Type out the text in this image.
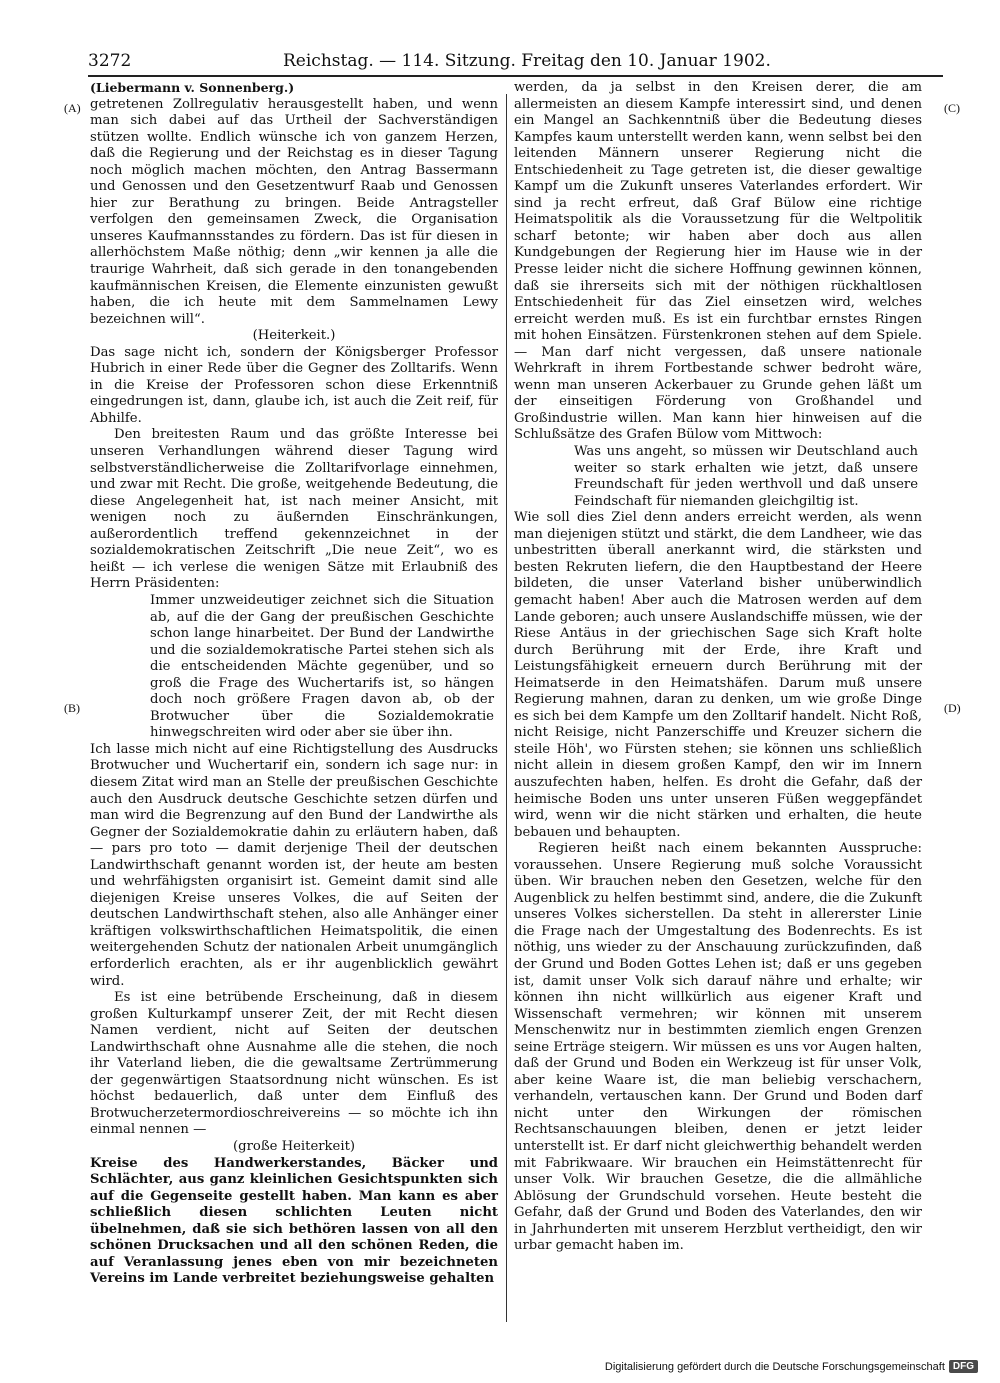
3272	Reichstag. — 114. Sitzung. Freitag den 10. Januar 1902.
(A)
(B)
(C)
(D)

(Liebermann v. Sonnenberg.)

getretenen Zollregulativ herausgestellt haben, und wenn man sich dabei auf das Urtheil der Sachverständigen stützen wollte. Endlich wünsche ich von ganzem Herzen, daß die Regierung und der Reichstag es in dieser Tagung noch möglich machen möchten, den Antrag Bassermann und Genossen und den Gesetzentwurf Raab und Genossen hier zur Berathung zu bringen. Beide Antragsteller verfolgen den gemeinsamen Zweck, die Organisation unseres Kaufmannsstandes zu fördern. Das ist für diesen in allerhöchstem Maße nöthig; denn „wir kennen ja alle die traurige Wahrheit, daß sich gerade in den tonangebenden kaufmännischen Kreisen, die Elemente einzunisten gewußt haben, die ich heute mit dem Sammelnamen Lewy bezeichnen will“.

(Heiterkeit.)

Das sage nicht ich, sondern der Königsberger Professor Hubrich in einer Rede über die Gegner des Zolltarifs. Wenn in die Kreise der Professoren schon diese Erkenntniß eingedrungen ist, dann, glaube ich, ist auch die Zeit reif, für Abhilfe.

Den breitesten Raum und das größte Interesse bei unseren Verhandlungen während dieser Tagung wird selbstverständlicherweise die Zolltarifvorlage einnehmen, und zwar mit Recht. Die große, weitgehende Bedeutung, die diese Angelegenheit hat, ist nach meiner Ansicht, mit wenigen noch zu äußernden Einschränkungen, außerordentlich treffend gekennzeichnet in der sozialdemokratischen Zeitschrift „Die neue Zeit“, wo es heißt — ich verlese die wenigen Sätze mit Erlaubniß des Herrn Präsidenten:

Immer unzweideutiger zeichnet sich die Situation ab, auf die der Gang der preußischen Geschichte schon lange hinarbeitet. Der Bund der Landwirthe und die sozialdemokratische Partei stehen sich als die entscheidenden Mächte gegenüber, und so groß die Frage des Wuchertarifs ist, so hängen doch noch größere Fragen davon ab, ob der Brotwucher über die Sozialdemokratie hinwegschreiten wird oder aber sie über ihn.

Ich lasse mich nicht auf eine Richtigstellung des Ausdrucks Brotwucher und Wuchertarif ein, sondern ich sage nur: in diesem Zitat wird man an Stelle der preußischen Geschichte auch den Ausdruck deutsche Geschichte setzen dürfen und man wird die Begrenzung auf den Bund der Landwirthe als Gegner der Sozialdemokratie dahin zu erläutern haben, daß — pars pro toto — damit derjenige Theil der deutschen Landwirthschaft genannt worden ist, der heute am besten und wehrfähigsten organisirt ist. Gemeint damit sind alle diejenigen Kreise unseres Volkes, die auf Seiten der deutschen Landwirthschaft stehen, also alle Anhänger einer kräftigen volkswirthschaftlichen Heimatspolitik, die einen weitergehenden Schutz der nationalen Arbeit unumgänglich erforderlich erachten, als er ihr augenblicklich gewährt wird.

Es ist eine betrübende Erscheinung, daß in diesem großen Kulturkampf unserer Zeit, der mit Recht diesen Namen verdient, nicht auf Seiten der deutschen Landwirthschaft ohne Ausnahme alle die stehen, die noch ihr Vaterland lieben, die die gewaltsame Zertrümmerung der gegenwärtigen Staatsordnung nicht wünschen. Es ist höchst bedauerlich, daß unter dem Einfluß des Brotwucherzetermordioschreivereins — so möchte ich ihn einmal nennen —

(große Heiterkeit)

Kreise des Handwerkerstandes, Bäcker und Schlächter, aus ganz kleinlichen Gesichtspunkten sich auf die Gegenseite gestellt haben. Man kann es aber schließlich diesen schlichten Leuten nicht übelnehmen, daß sie sich bethören lassen von all den schönen Drucksachen und all den schönen Reden, die auf Veranlassung jenes eben von mir bezeichneten Vereins im Lande verbreitet beziehungsweise gehalten

werden, da ja selbst in den Kreisen derer, die am allermeisten an diesem Kampfe interessirt sind, und denen ein Mangel an Sachkenntniß über die Bedeutung dieses Kampfes kaum unterstellt werden kann, wenn selbst bei den leitenden Männern unserer Regierung nicht die Entschiedenheit zu Tage getreten ist, die dieser gewaltige Kampf um die Zukunft unseres Vaterlandes erfordert. Wir sind ja recht erfreut, daß Graf Bülow eine richtige Heimatspolitik als die Voraussetzung für die Weltpolitik scharf betonte; wir haben aber doch aus allen Kundgebungen der Regierung hier im Hause wie in der Presse leider nicht die sichere Hoffnung gewinnen können, daß sie ihrerseits sich mit der nöthigen rückhaltlosen Entschiedenheit für das Ziel einsetzen wird, welches erreicht werden muß. Es ist ein furchtbar ernstes Ringen mit hohen Einsätzen. Fürstenkronen stehen auf dem Spiele. — Man darf nicht vergessen, daß unsere nationale Wehrkraft in ihrem Fortbestande schwer bedroht wäre, wenn man unseren Ackerbauer zu Grunde gehen läßt um der einseitigen Förderung von Großhandel und Großindustrie willen. Man kann hier hinweisen auf die Schlußsätze des Grafen Bülow vom Mittwoch:

Was uns angeht, so müssen wir Deutschland auch weiter so stark erhalten wie jetzt, daß unsere Freundschaft für jeden werthvoll und daß unsere Feindschaft für niemanden gleichgiltig ist.

Wie soll dies Ziel denn anders erreicht werden, als wenn man diejenigen stützt und stärkt, die dem Landheer, wie das unbestritten überall anerkannt wird, die stärksten und besten Rekruten liefern, die den Hauptbestand der Heere bildeten, die unser Vaterland bisher unüberwindlich gemacht haben! Aber auch die Matrosen werden auf dem Lande geboren; auch unsere Auslandschiffe müssen, wie der Riese Antäus in der griechischen Sage sich Kraft holte durch Berührung mit der Erde, ihre Kraft und Leistungsfähigkeit erneuern durch Berührung mit der Heimatserde in den Heimatshäfen. Darum muß unsere Regierung mahnen, daran zu denken, um wie große Dinge es sich bei dem Kampfe um den Zolltarif handelt. Nicht Roß, nicht Reisige, nicht Panzerschiffe und Kreuzer sichern die steile Höh', wo Fürsten stehen; sie können uns schließlich nicht allein in diesem großen Kampf, den wir im Innern auszufechten haben, helfen. Es droht die Gefahr, daß der heimische Boden uns unter unseren Füßen weggepfändet wird, wenn wir die nicht stärken und erhalten, die heute bebauen und behaupten.

Regieren heißt nach einem bekannten Ausspruche: voraussehen. Unsere Regierung muß solche Voraussicht üben. Wir brauchen neben den Gesetzen, welche für den Augenblick zu helfen bestimmt sind, andere, die die Zukunft unseres Volkes sicherstellen. Da steht in allererster Linie die Frage nach der Umgestaltung des Bodenrechts. Es ist nöthig, uns wieder zu der Anschauung zurückzufinden, daß der Grund und Boden Gottes Lehen ist; daß er uns gegeben ist, damit unser Volk sich darauf nähre und erhalte; wir können ihn nicht willkürlich aus eigener Kraft und Wissenschaft vermehren; wir können mit unserem Menschenwitz nur in bestimmten ziemlich engen Grenzen seine Erträge steigern. Wir müssen es uns vor Augen halten, daß der Grund und Boden ein Werkzeug ist für unser Volk, aber keine Waare ist, die man beliebig verschachern, verhandeln, vertauschen kann. Der Grund und Boden darf nicht unter den Wirkungen der römischen Rechtsanschauungen bleiben, denen er jetzt leider unterstellt ist. Er darf nicht gleichwerthig behandelt werden mit Fabrikwaare. Wir brauchen ein Heimstättenrecht für unser Volk. Wir brauchen Gesetze, die die allmähliche Ablösung der Grundschuld vorsehen. Heute besteht die Gefahr, daß der Grund und Boden des Vaterlandes, den wir in Jahrhunderten mit unserem Herzblut vertheidigt, den wir urbar gemacht haben im.

Digitalisierung gefördert durch die Deutsche Forschungsgemeinschaft DFG
